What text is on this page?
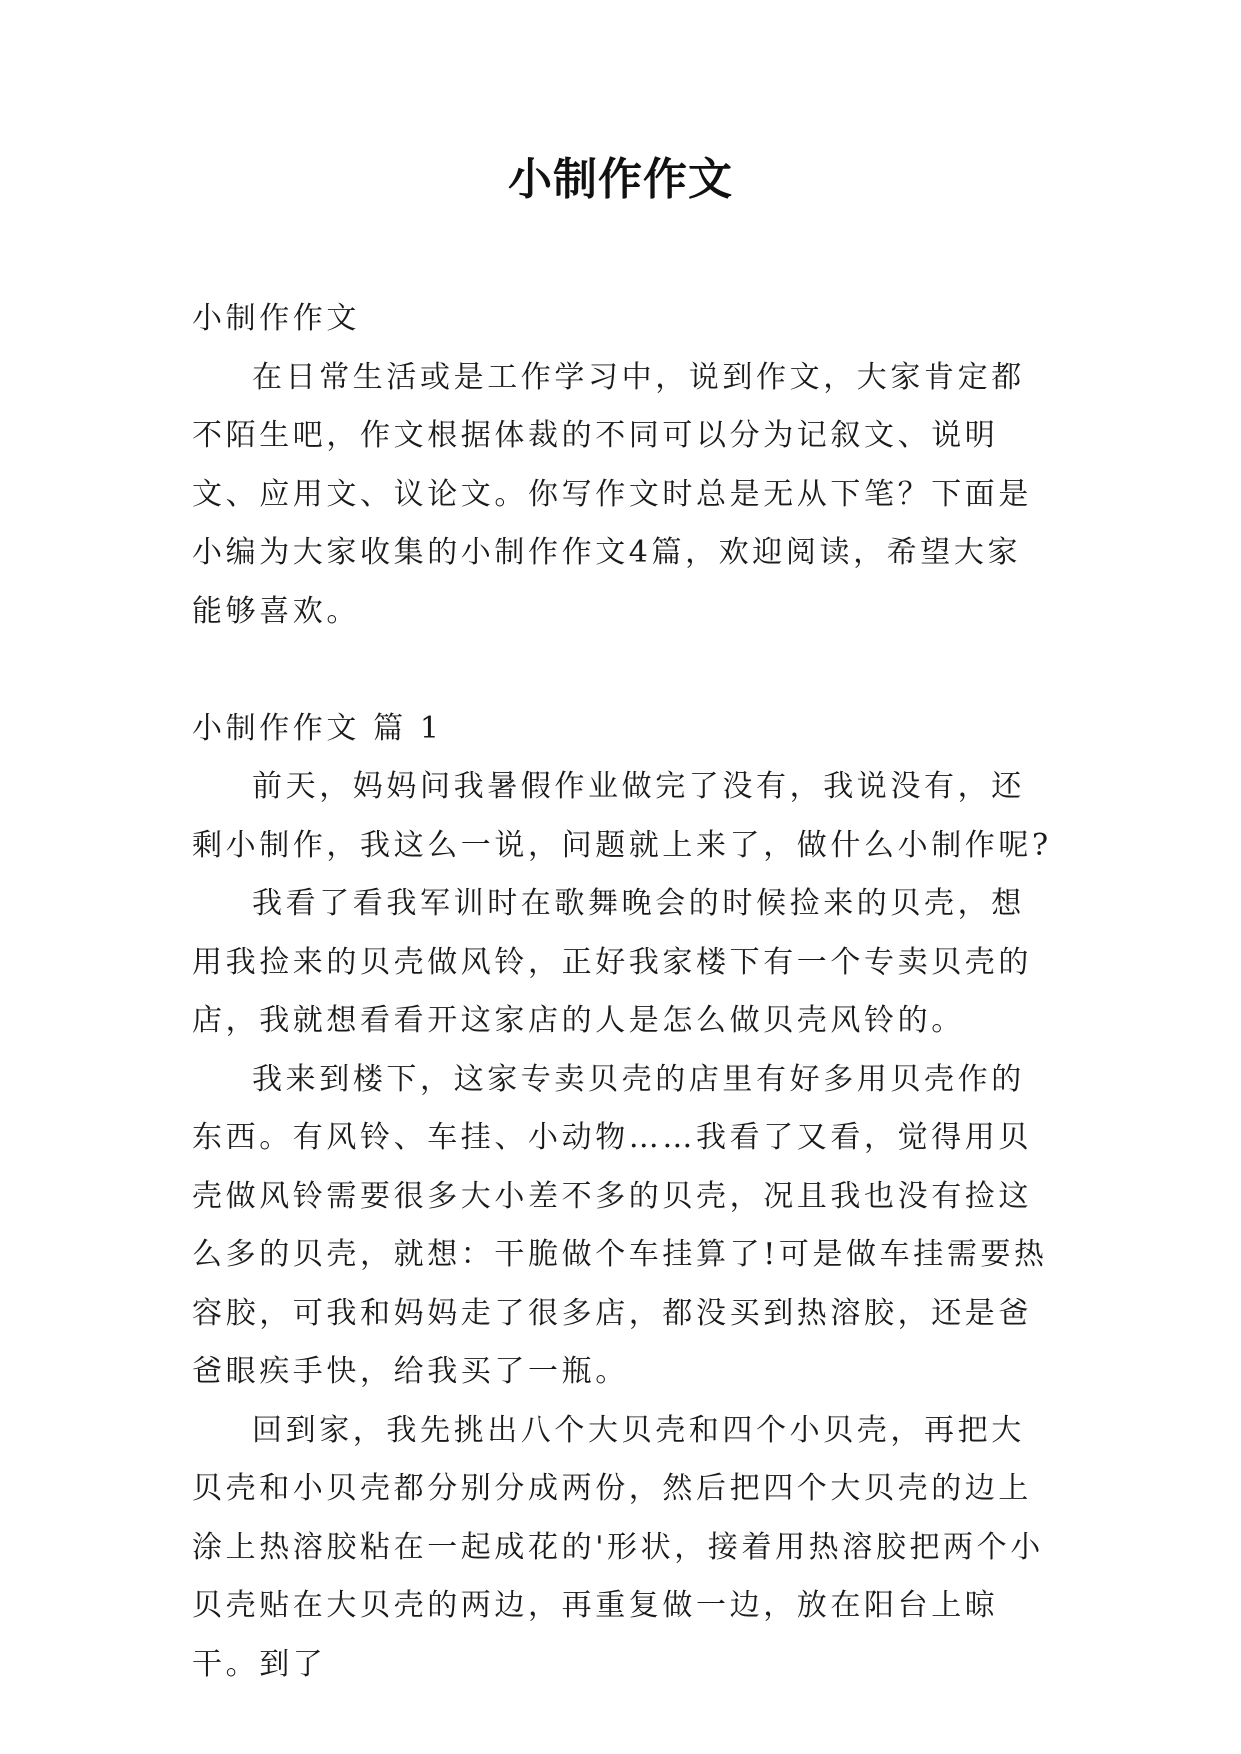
小制作作文

小制作作文

在日常生活或是工作学习中，说到作文，大家肯定都不陌生吧，作文根据体裁的不同可以分为记叙文、说明文、应用文、议论文。你写作文时总是无从下笔？下面是小编为大家收集的小制作作文4篇，欢迎阅读，希望大家能够喜欢。

小制作作文 篇 1

前天，妈妈问我暑假作业做完了没有，我说没有，还剩小制作，我这么一说，问题就上来了，做什么小制作呢?

我看了看我军训时在歌舞晚会的时候捡来的贝壳，想用我捡来的贝壳做风铃，正好我家楼下有一个专卖贝壳的店，我就想看看开这家店的人是怎么做贝壳风铃的。

我来到楼下，这家专卖贝壳的店里有好多用贝壳作的东西。有风铃、车挂、小动物……我看了又看，觉得用贝壳做风铃需要很多大小差不多的贝壳，况且我也没有捡这么多的贝壳，就想：干脆做个车挂算了!可是做车挂需要热容胶，可我和妈妈走了很多店，都没买到热溶胶，还是爸爸眼疾手快，给我买了一瓶。

回到家，我先挑出八个大贝壳和四个小贝壳，再把大贝壳和小贝壳都分别分成两份，然后把四个大贝壳的边上涂上热溶胶粘在一起成花的'形状，接着用热溶胶把两个小贝壳贴在大贝壳的两边，再重复做一边，放在阳台上晾干。到了
